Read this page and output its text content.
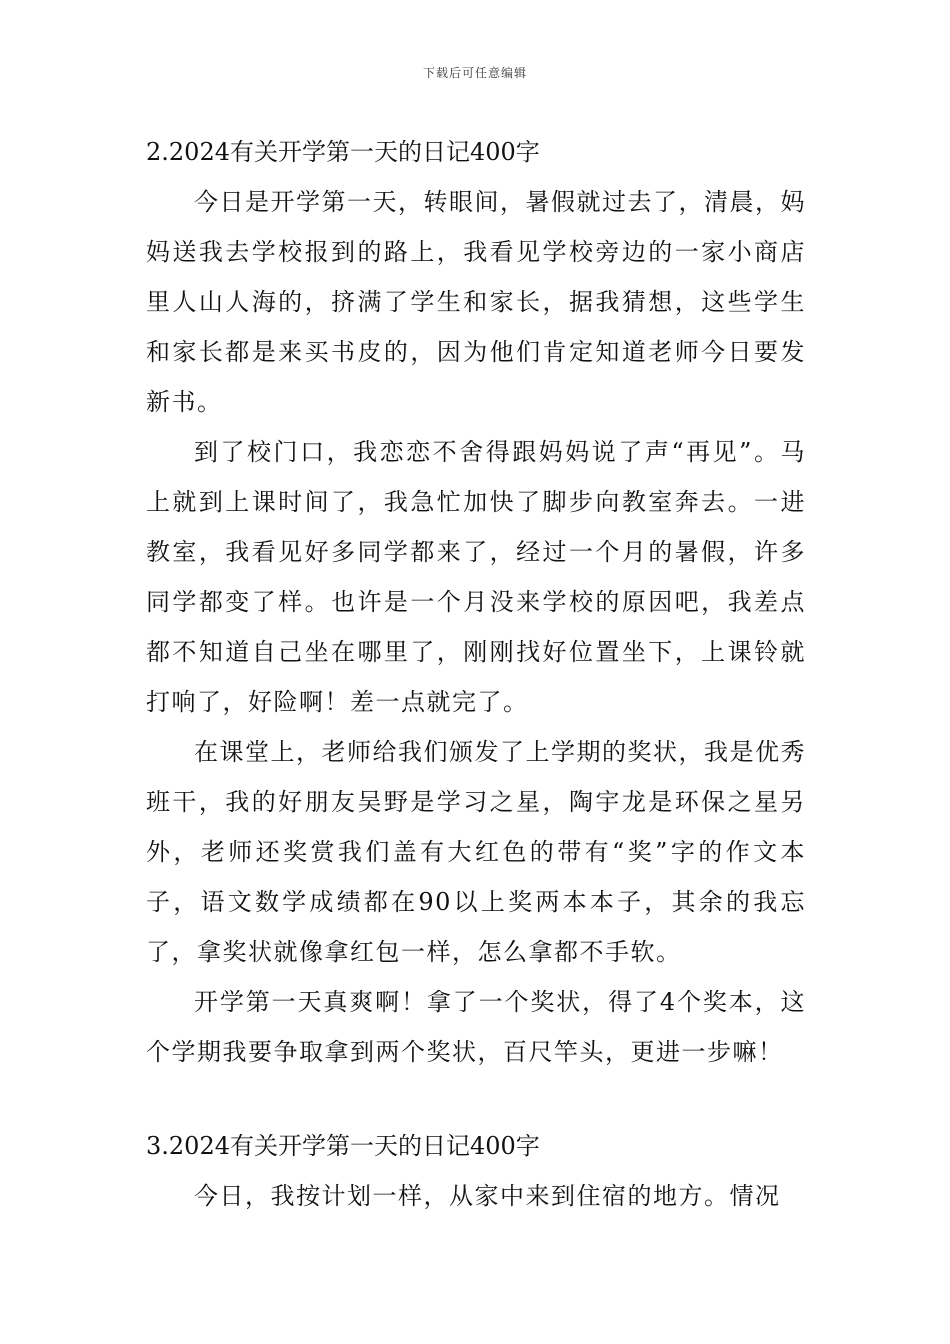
下载后可任意编辑
2.2024有关开学第一天的日记400字

今日是开学第一天，转眼间，暑假就过去了，清晨，妈妈送我去学校报到的路上，我看见学校旁边的一家小商店里人山人海的，挤满了学生和家长，据我猜想，这些学生和家长都是来买书皮的，因为他们肯定知道老师今日要发新书。

到了校门口，我恋恋不舍得跟妈妈说了声“再见”。马上就到上课时间了，我急忙加快了脚步向教室奔去。一进教室，我看见好多同学都来了，经过一个月的暑假，许多同学都变了样。也许是一个月没来学校的原因吧，我差点都不知道自己坐在哪里了，刚刚找好位置坐下，上课铃就打响了，好险啊！差一点就完了。

在课堂上，老师给我们颁发了上学期的奖状，我是优秀班干，我的好朋友吴野是学习之星，陶宇龙是环保之星另外，老师还奖赏我们盖有大红色的带有“奖”字的作文本子，语文数学成绩都在90以上奖两本本子，其余的我忘了，拿奖状就像拿红包一样，怎么拿都不手软。

开学第一天真爽啊！拿了一个奖状，得了4个奖本，这个学期我要争取拿到两个奖状，百尺竿头，更进一步嘛！

3.2024有关开学第一天的日记400字

今日，我按计划一样，从家中来到住宿的地方。情况
